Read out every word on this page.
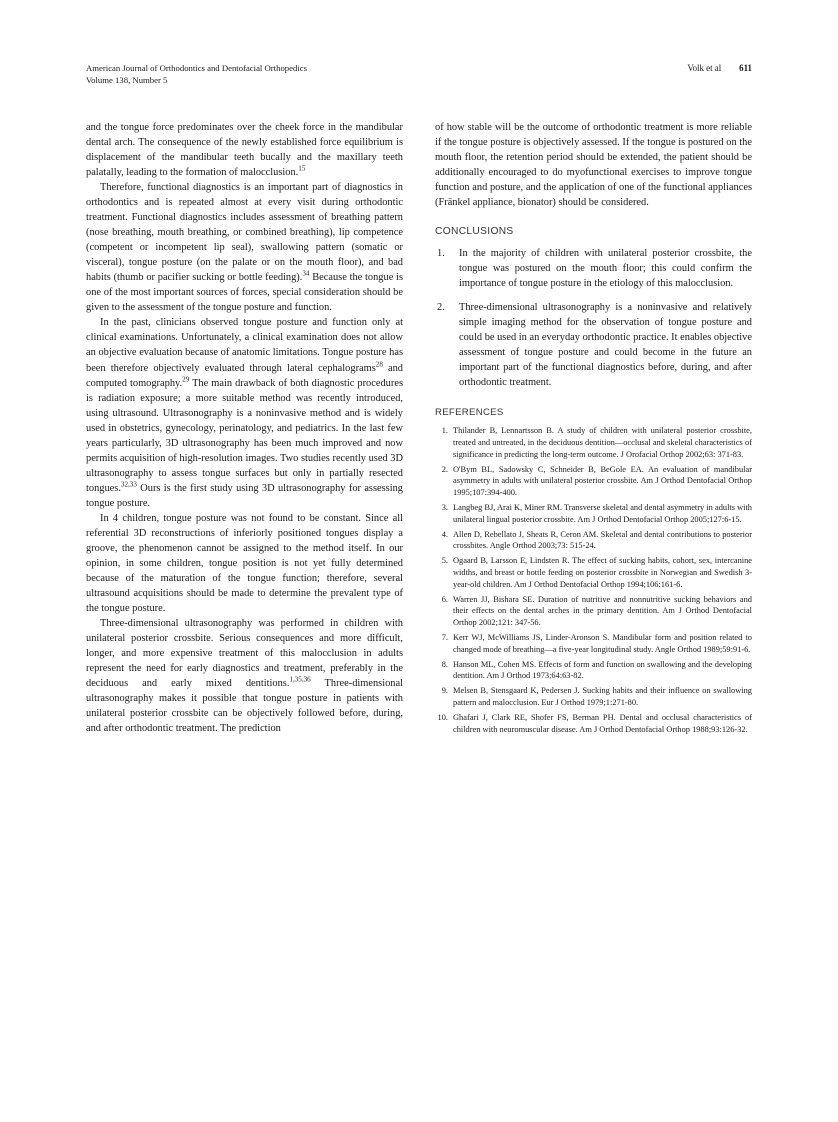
American Journal of Orthodontics and Dentofacial Orthopedics
Volume 138, Number 5
Volk et al 611

and the tongue force predominates over the cheek force in the mandibular dental arch. The consequence of the newly established force equilibrium is displacement of the mandibular teeth bucally and the maxillary teeth palatally, leading to the formation of malocclusion.$^{15}$

Therefore, functional diagnostics is an important part of diagnostics in orthodontics and is repeated almost at every visit during orthodontic treatment. Functional diagnostics includes assessment of breathing pattern (nose breathing, mouth breathing, or combined breathing), lip competence (competent or incompetent lip seal), swallowing pattern (somatic or visceral), tongue posture (on the palate or on the mouth floor), and bad habits (thumb or pacifier sucking or bottle feeding).$^{34}$ Because the tongue is one of the most important sources of forces, special consideration should be given to the assessment of the tongue posture and function.

In the past, clinicians observed tongue posture and function only at clinical examinations. Unfortunately, a clinical examination does not allow an objective evaluation because of anatomic limitations. Tongue posture has been therefore objectively evaluated through lateral cephalograms$^{28}$ and computed tomography.$^{29}$ The main drawback of both diagnostic procedures is radiation exposure; a more suitable method was recently introduced, using ultrasound. Ultrasonography is a noninvasive method and is widely used in obstetrics, gynecology, perinatology, and pediatrics. In the last few years particularly, 3D ultrasonography has been much improved and now permits acquisition of high-resolution images. Two studies recently used 3D ultrasonography to assess tongue surfaces but only in partially resected tongues.$^{32,33}$ Ours is the first study using 3D ultrasonography for assessing tongue posture.

In 4 children, tongue posture was not found to be constant. Since all referential 3D reconstructions of inferiorly positioned tongues display a groove, the phenomenon cannot be assigned to the method itself. In our opinion, in some children, tongue position is not yet fully determined because of the maturation of the tongue function; therefore, several ultrasound acquisitions should be made to determine the prevalent type of the tongue posture.

Three-dimensional ultrasonography was performed in children with unilateral posterior crossbite. Serious consequences and more difficult, longer, and more expensive treatment of this malocclusion in adults represent the need for early diagnostics and treatment, preferably in the deciduous and early mixed dentitions.$^{1,35,36}$ Three-dimensional ultrasonography makes it possible that tongue posture in patients with unilateral posterior crossbite can be objectively followed before, during, and after orthodontic treatment. The prediction

of how stable will be the outcome of orthodontic treatment is more reliable if the tongue posture is objectively assessed. If the tongue is postured on the mouth floor, the retention period should be extended, the patient should be additionally encouraged to do myofunctional exercises to improve tongue function and posture, and the application of one of the functional appliances (Fränkel appliance, bionator) should be considered.

CONCLUSIONS
1. In the majority of children with unilateral posterior crossbite, the tongue was postured on the mouth floor; this could confirm the importance of tongue posture in the etiology of this malocclusion.
2. Three-dimensional ultrasonography is a noninvasive and relatively simple imaging method for the observation of tongue posture and could be used in an everyday orthodontic practice. It enables objective assessment of tongue posture and could become in the future an important part of the functional diagnostics before, during, and after orthodontic treatment.
REFERENCES
1. Thilander B, Lennartsson B. A study of children with unilateral posterior crossbite, treated and untreated, in the deciduous dentition—occlusal and skeletal characteristics of significance in predicting the long-term outcome. J Orofacial Orthop 2002;63: 371-83.
2. O'Bym BL, Sadowsky C, Schneider B, BeGole EA. An evaluation of mandibular asymmetry in adults with unilateral posterior crossbite. Am J Orthod Dentofacial Orthop 1995;107:394-400.
3. Langbeg BJ, Arai K, Miner RM. Transverse skeletal and dental asymmetry in adults with unilateral lingual posterior crossbite. Am J Orthod Dentofacial Orthop 2005;127:6-15.
4. Allen D, Rebellato J, Sheats R, Ceron AM. Skeletal and dental contributions to posterior crossbites. Angle Orthod 2003;73: 515-24.
5. Ogaard B, Larsson E, Lindsten R. The effect of sucking habits, cohort, sex, intercanine widths, and breast or bottle feeding on posterior crossbite in Norwegian and Swedish 3-year-old children. Am J Orthod Dentofacial Orthop 1994;106:161-6.
6. Warren JJ, Bishara SE. Duration of nutritive and nonnutritive sucking behaviors and their effects on the dental arches in the primary dentition. Am J Orthod Dentofacial Orthop 2002;121: 347-56.
7. Kerr WJ, McWilliams JS, Linder-Aronson S. Mandibular form and position related to changed mode of breathing—a five-year longitudinal study. Angle Orthod 1989;59:91-6.
8. Hanson ML, Cohen MS. Effects of form and function on swallowing and the developing dentition. Am J Orthod 1973;64:63-82.
9. Melsen B, Stensgaard K, Pedersen J. Sucking habits and their influence on swallowing pattern and malocclusion. Eur J Orthod 1979;1:271-80.
10. Ghafari J, Clark RE, Shofer FS, Berman PH. Dental and occlusal characteristics of children with neuromuscular disease. Am J Orthod Dentofacial Orthop 1988;93:126-32.
